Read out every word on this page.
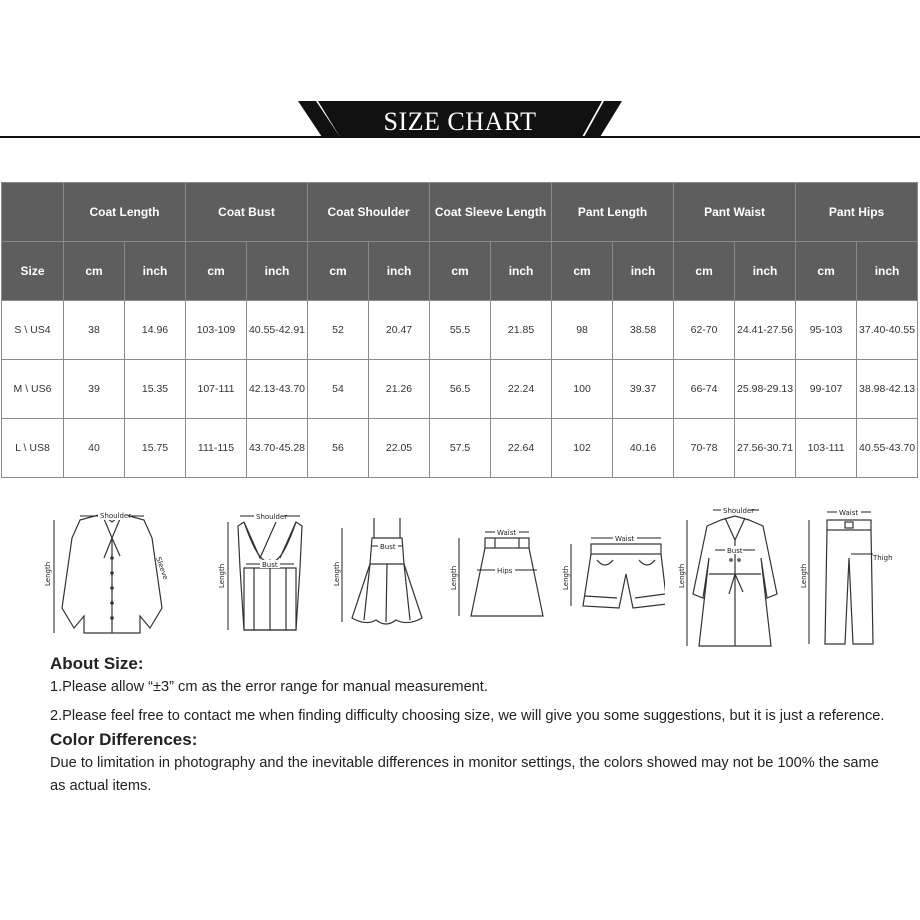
SIZE CHART
	Coat Length		Coat Bust		Coat Shoulder		Coat Sleeve Length		Pant Length		Pant Waist		Pant Hips	
Size	cm	inch	cm	inch	cm	inch	cm	inch	cm	inch	cm	inch	cm	inch
S \ US4	38	14.96	103-109	40.55-42.91	52	20.47	55.5	21.85	98	38.58	62-70	24.41-27.56	95-103	37.40-40.55
M \ US6	39	15.35	107-111	42.13-43.70	54	21.26	56.5	22.24	100	39.37	66-74	25.98-29.13	99-107	38.98-42.13
L \ US8	40	15.75	111-115	43.70-45.28	56	22.05	57.5	22.64	102	40.16	70-78	27.56-30.71	103-111	40.55-43.70
Shoulder
Length	Sleeve
Shoulder
Bust
Length
Bust
Length
Waist
Hips
Length
Waist
Length
Shoulder
Bust
Length
Waist
Thigh
Length

About Size:

1.Please allow “±3” cm as the error range for manual measurement.

2.Please feel free to contact me when finding difficulty choosing size, we will give you some suggestions, but it is just a reference.

Color Differences:

Due to limitation in photography and the inevitable differences in monitor settings, the colors showed may not be 100% the same as actual items.
